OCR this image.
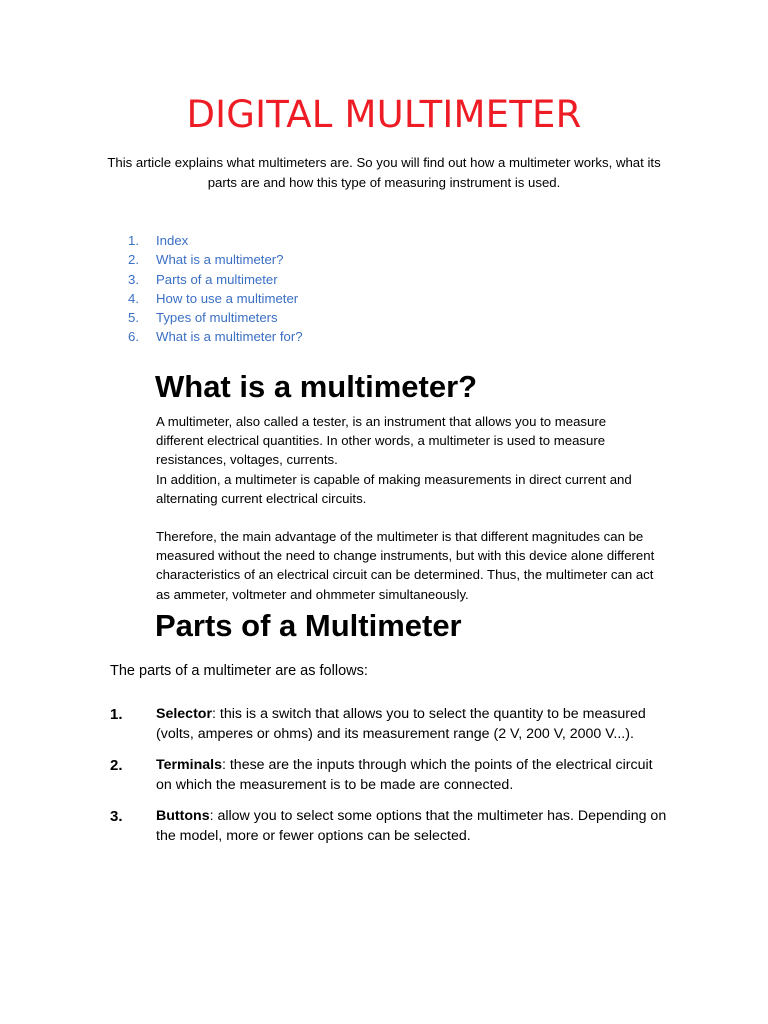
DIGITAL MULTIMETER
This article explains what multimeters are. So you will find out how a multimeter works, what its parts are and how this type of measuring instrument is used.
1.	Index
2.	What is a multimeter?
3.	Parts of a multimeter
4.	How to use a multimeter
5.	Types of multimeters
6.	What is a multimeter for?
What is a multimeter?

A multimeter, also called a tester, is an instrument that allows you to measure different electrical quantities. In other words, a multimeter is used to measure resistances, voltages, currents.

In addition, a multimeter is capable of making measurements in direct current and alternating current electrical circuits.

Therefore, the main advantage of the multimeter is that different magnitudes can be measured without the need to change instruments, but with this device alone different characteristics of an electrical circuit can be determined. Thus, the multimeter can act as ammeter, voltmeter and ohmmeter simultaneously.

Parts of a Multimeter
The parts of a multimeter are as follows:
1.	Selector: this is a switch that allows you to select the quantity to be measured (volts, amperes or ohms) and its measurement range (2 V, 200 V, 2000 V...).
2.	Terminals: these are the inputs through which the points of the electrical circuit on which the measurement is to be made are connected.
3.	Buttons: allow you to select some options that the multimeter has. Depending on the model, more or fewer options can be selected.
